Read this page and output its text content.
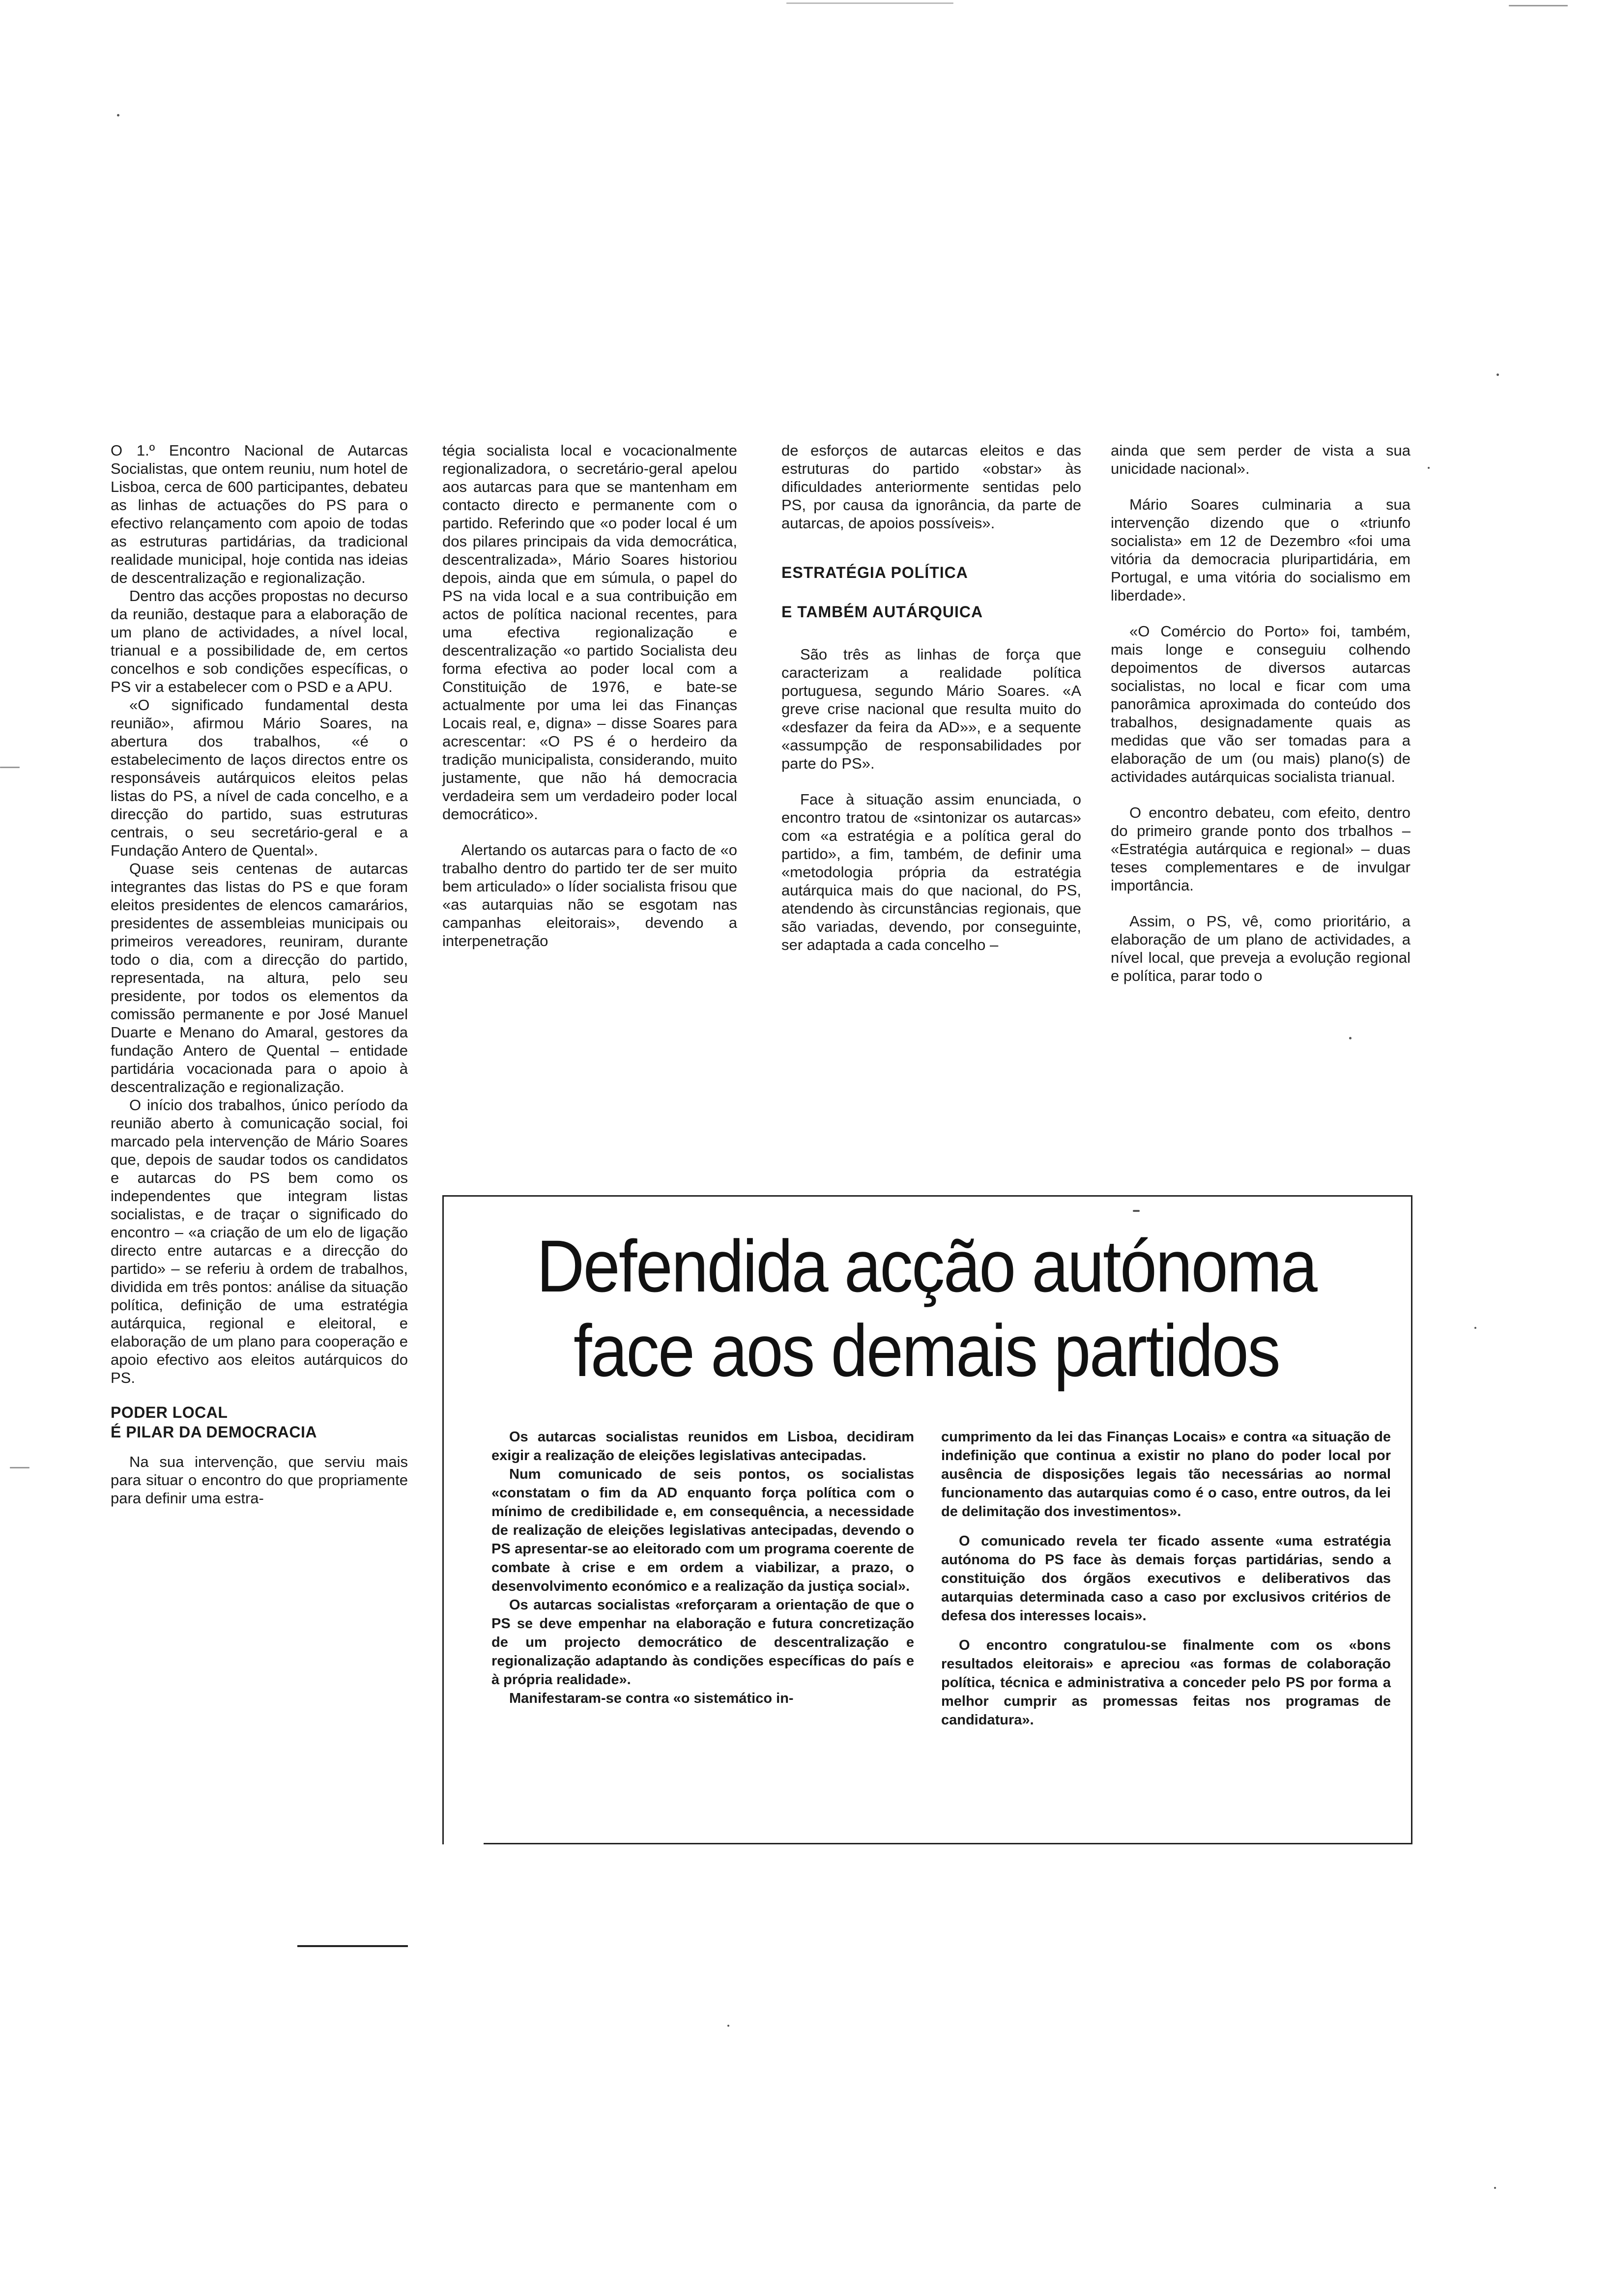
O 1.º Encontro Nacional de Autarcas Socialistas, que ontem reuniu, num hotel de Lisboa, cerca de 600 participantes, debateu as linhas de actuações do PS para o efectivo relançamento com apoio de todas as estruturas partidárias, da tradicional realidade municipal, hoje contida nas ideias de descentralização e regionalização.

Dentro das acções propostas no decurso da reunião, destaque para a elaboração de um plano de actividades, a nível local, trianual e a possibilidade de, em certos concelhos e sob condições específicas, o PS vir a estabelecer com o PSD e a APU.

«O significado fundamental desta reunião», afirmou Mário Soares, na abertura dos trabalhos, «é o estabelecimento de laços directos entre os responsáveis autárquicos eleitos pelas listas do PS, a nível de cada concelho, e a direcção do partido, suas estruturas centrais, o seu secretário-geral e a Fundação Antero de Quental».

Quase seis centenas de autarcas integrantes das listas do PS e que foram eleitos presidentes de elencos camarários, presidentes de assembleias municipais ou primeiros vereadores, reuniram, durante todo o dia, com a direcção do partido, representada, na altura, pelo seu presidente, por todos os elementos da comissão permanente e por José Manuel Duarte e Menano do Amaral, gestores da fundação Antero de Quental – entidade partidária vocacionada para o apoio à descentralização e regionalização.

O início dos trabalhos, único período da reunião aberto à comunicação social, foi marcado pela intervenção de Mário Soares que, depois de saudar todos os candidatos e autarcas do PS bem como os independentes que integram listas socialistas, e de traçar o significado do encontro – «a criação de um elo de ligação directo entre autarcas e a direcção do partido» – se referiu à ordem de trabalhos, dividida em três pontos: análise da situação política, definição de uma estratégia autárquica, regional e eleitoral, e elaboração de um plano para cooperação e apoio efectivo aos eleitos autárquicos do PS.

PODER LOCAL
É PILAR DA DEMOCRACIA

Na sua intervenção, que serviu mais para situar o encontro do que propriamente para definir uma estra-

tégia socialista local e vocacionalmente regionalizadora, o secretário-geral apelou aos autarcas para que se mantenham em contacto directo e permanente com o partido. Referindo que «o poder local é um dos pilares principais da vida democrática, descentralizada», Mário Soares historiou depois, ainda que em súmula, o papel do PS na vida local e a sua contribuição em actos de política nacional recentes, para uma efectiva regionalização e descentralização «o partido Socialista deu forma efectiva ao poder local com a Constituição de 1976, e bate-se actualmente por uma lei das Finanças Locais real, e, digna» – disse Soares para acrescentar: «O PS é o herdeiro da tradição municipalista, considerando, muito justamente, que não há democracia verdadeira sem um verdadeiro poder local democrático».

Alertando os autarcas para o facto de «o trabalho dentro do partido ter de ser muito bem articulado» o líder socialista frisou que «as autarquias não se esgotam nas campanhas eleitorais», devendo a interpenetração

de esforços de autarcas eleitos e das estruturas do partido «obstar» às dificuldades anteriormente sentidas pelo PS, por causa da ignorância, da parte de autarcas, de apoios possíveis».

ESTRATÉGIA POLÍTICA
E TAMBÉM AUTÁRQUICA

São três as linhas de força que caracterizam a realidade política portuguesa, segundo Mário Soares. «A greve crise nacional que resulta muito do «desfazer da feira da AD»», e a sequente «assumpção de responsabilidades por parte do PS».

Face à situação assim enunciada, o encontro tratou de «sintonizar os autarcas» com «a estratégia e a política geral do partido», a fim, também, de definir uma «metodologia própria da estratégia autárquica mais do que nacional, do PS, atendendo às circunstâncias regionais, que são variadas, devendo, por conseguinte, ser adaptada a cada concelho –

ainda que sem perder de vista a sua unicidade nacional».

Mário Soares culminaria a sua intervenção dizendo que o «triunfo socialista» em 12 de Dezembro «foi uma vitória da democracia pluripartidária, em Portugal, e uma vitória do socialismo em liberdade».

«O Comércio do Porto» foi, também, mais longe e conseguiu colhendo depoimentos de diversos autarcas socialistas, no local e ficar com uma panorâmica aproximada do conteúdo dos trabalhos, designadamente quais as medidas que vão ser tomadas para a elaboração de um (ou mais) plano(s) de actividades autárquicas socialista trianual.

O encontro debateu, com efeito, dentro do primeiro grande ponto dos trbalhos – «Estratégia autárquica e regional» – duas teses complementares e de invulgar importância.

Assim, o PS, vê, como prioritário, a elaboração de um plano de actividades, a nível local, que preveja a evolução regional e política, parar todo o

Defendida acção autónoma
face aos demais partidos

Os autarcas socialistas reunidos em Lisboa, decidiram exigir a realização de eleições legislativas antecipadas.

Num comunicado de seis pontos, os socialistas «constatam o fim da AD enquanto força política com o mínimo de credibilidade e, em consequência, a necessidade de realização de eleições legislativas antecipadas, devendo o PS apresentar-se ao eleitorado com um programa coerente de combate à crise e em ordem a viabilizar, a prazo, o desenvolvimento económico e a realização da justiça social».

Os autarcas socialistas «reforçaram a orientação de que o PS se deve empenhar na elaboração e futura concretização de um projecto democrático de descentralização e regionalização adaptando às condições específicas do país e à própria realidade».

Manifestaram-se contra «o sistemático in-

cumprimento da lei das Finanças Locais» e contra «a situação de indefinição que continua a existir no plano do poder local por ausência de disposições legais tão necessárias ao normal funcionamento das autarquias como é o caso, entre outros, da lei de delimitação dos investimentos».

O comunicado revela ter ficado assente «uma estratégia autónoma do PS face às demais forças partidárias, sendo a constituição dos órgãos executivos e deliberativos das autarquias determinada caso a caso por exclusivos critérios de defesa dos interesses locais».

O encontro congratulou-se finalmente com os «bons resultados eleitorais» e apreciou «as formas de colaboração política, técnica e administrativa a conceder pelo PS por forma a melhor cumprir as promessas feitas nos programas de candidatura».
